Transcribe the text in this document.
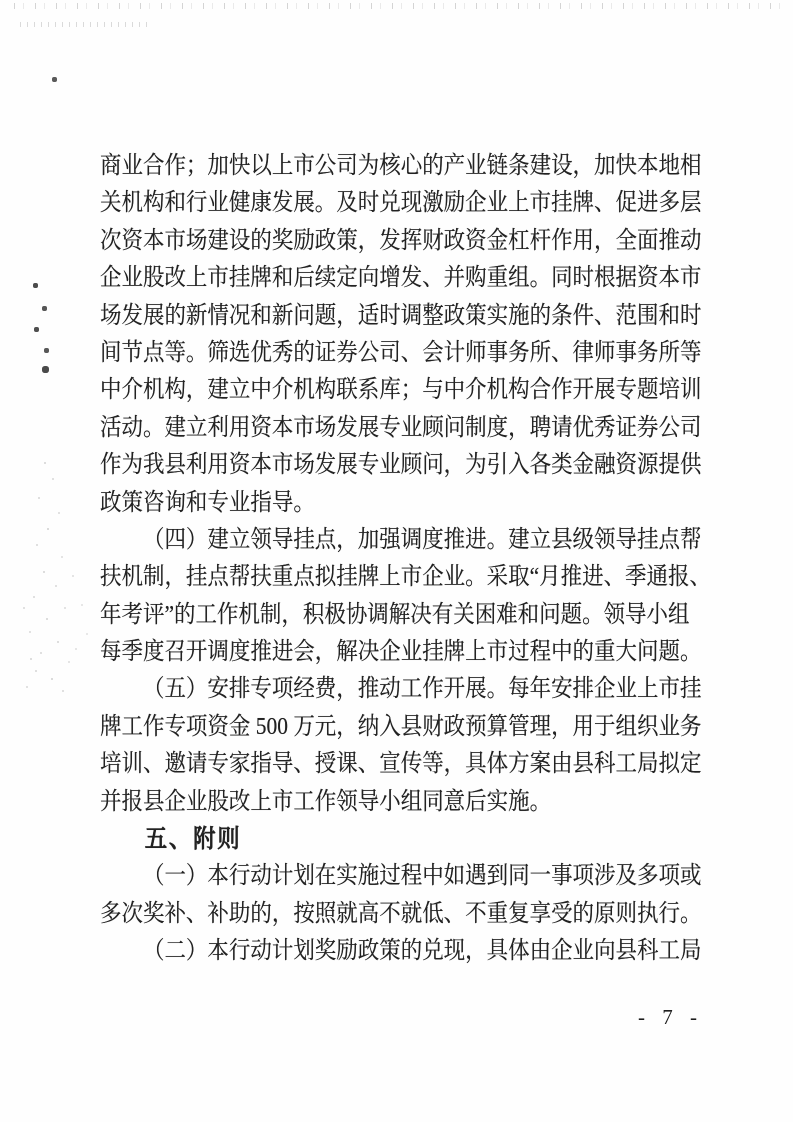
商业合作；加快以上市公司为核心的产业链条建设，加快本地相
关机构和行业健康发展。及时兑现激励企业上市挂牌、促进多层
次资本市场建设的奖励政策，发挥财政资金杠杆作用，全面推动
企业股改上市挂牌和后续定向增发、并购重组。同时根据资本市
场发展的新情况和新问题，适时调整政策实施的条件、范围和时
间节点等。筛选优秀的证券公司、会计师事务所、律师事务所等
中介机构，建立中介机构联系库；与中介机构合作开展专题培训
活动。建立利用资本市场发展专业顾问制度，聘请优秀证券公司
作为我县利用资本市场发展专业顾问，为引入各类金融资源提供
政策咨询和专业指导。
（四）建立领导挂点，加强调度推进。建立县级领导挂点帮
扶机制，挂点帮扶重点拟挂牌上市企业。采取“月推进、季通报、
年考评”的工作机制，积极协调解决有关困难和问题。领导小组
每季度召开调度推进会，解决企业挂牌上市过程中的重大问题。
（五）安排专项经费，推动工作开展。每年安排企业上市挂
牌工作专项资金 500 万元，纳入县财政预算管理，用于组织业务
培训、邀请专家指导、授课、宣传等，具体方案由县科工局拟定
并报县企业股改上市工作领导小组同意后实施。
五、附则
（一）本行动计划在实施过程中如遇到同一事项涉及多项或
多次奖补、补助的，按照就高不就低、不重复享受的原则执行。
（二）本行动计划奖励政策的兑现，具体由企业向县科工局
- 7 -
